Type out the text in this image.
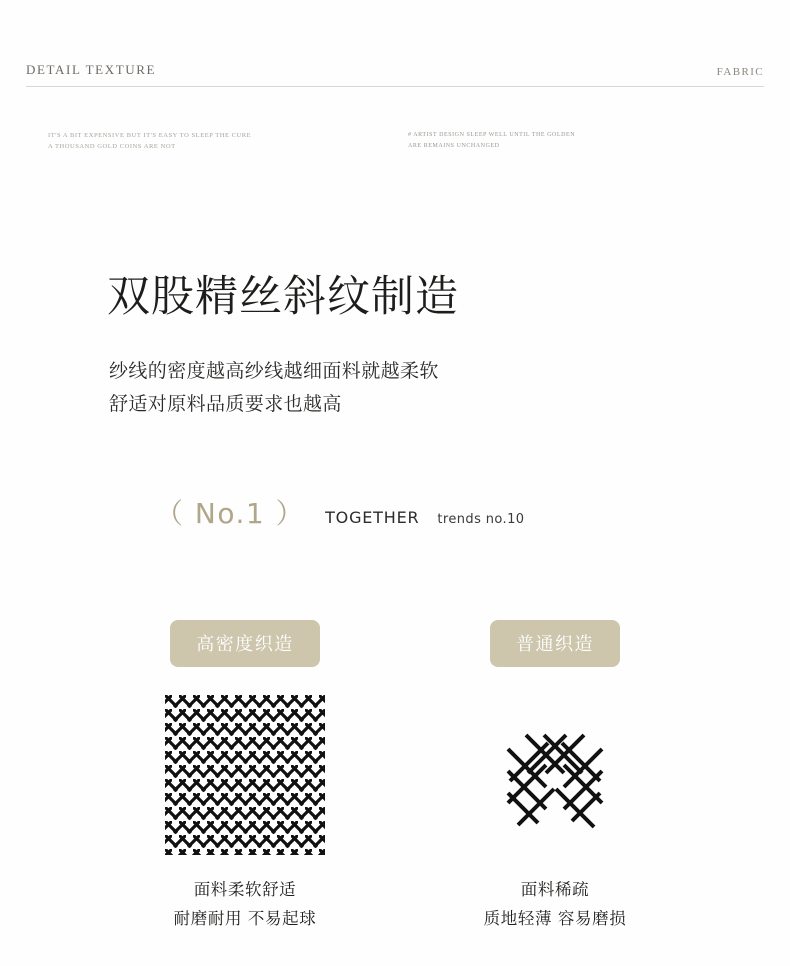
DETAIL TEXTURE	FABRIC
IT'S A BIT EXPENSIVE BUT IT'S EASY TO SLEEP THE CURE
A THOUSAND GOLD COINS ARE NOT
# ARTIST DESIGN SLEEP WELL UNTIL THE GOLDEN
ARE REMAINS UNCHANGED
双股精丝斜纹制造
纱线的密度越高纱线越细面料就越柔软
舒适对原料品质要求也越高
（ No.1 ） TOGETHER trends no.10
高密度织造
面料柔软舒适
耐磨耐用 不易起球
普通织造
面料稀疏
质地轻薄 容易磨损
